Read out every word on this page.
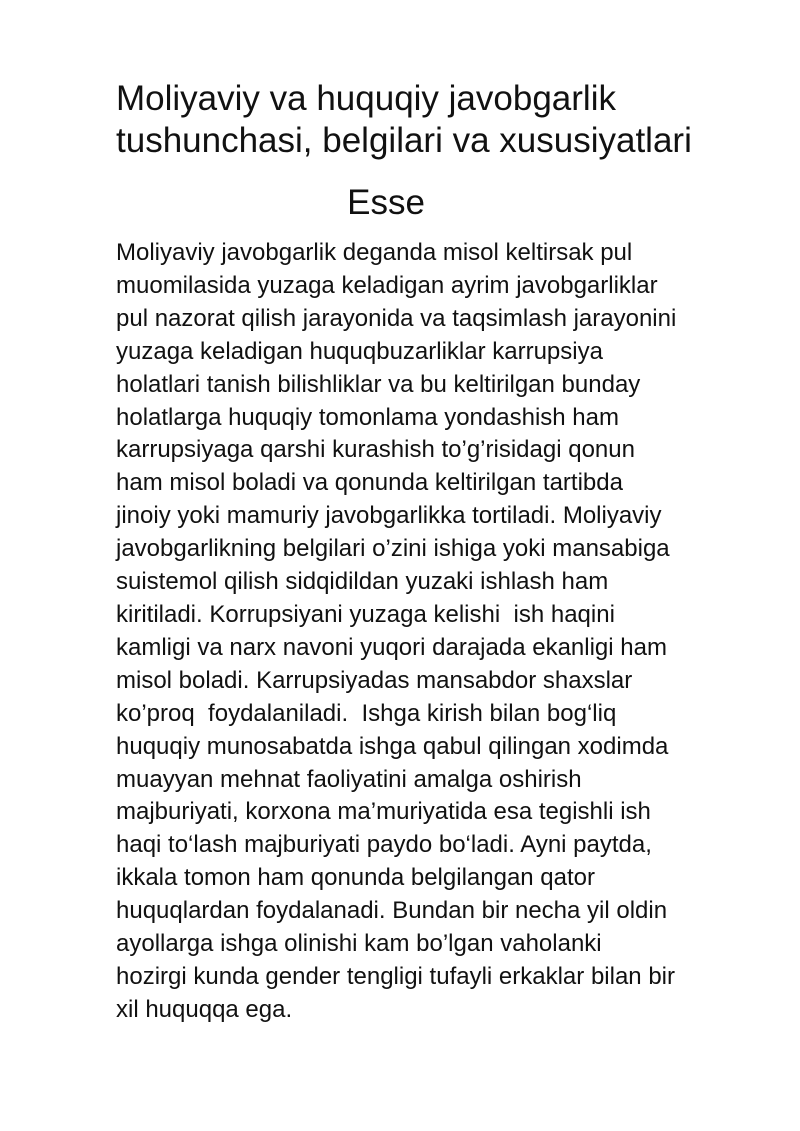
Moliyaviy va huquqiy javobgarlik
tushunchasi, belgilari va xususiyatlari
Esse
Moliyaviy javobgarlik deganda misol keltirsak pul
muomilasida yuzaga keladigan ayrim javobgarliklar
pul nazorat qilish jarayonida va taqsimlash jarayonini
yuzaga keladigan huquqbuzarliklar karrupsiya
holatlari tanish bilishliklar va bu keltirilgan bunday
holatlarga huquqiy tomonlama yondashish ham
karrupsiyaga qarshi kurashish to’g’risidagi qonun
ham misol boladi va qonunda keltirilgan tartibda
jinoiy yoki mamuriy javobgarlikka tortiladi. Moliyaviy
javobgarlikning belgilari o’zini ishiga yoki mansabiga
suistemol qilish sidqidildan yuzaki ishlash ham
kiritiladi. Korrupsiyani yuzaga kelishi  ish haqini
kamligi va narx navoni yuqori darajada ekanligi ham
misol boladi. Karrupsiyadas mansabdor shaxslar
ko’proq  foydalaniladi.  Ishga kirish bilan bog‘liq
huquqiy munosabatda ishga qabul qilingan xodimda
muayyan mehnat faoliyatini amalga oshirish
majburiyati, korxona ma’muriyatida esa tegishli ish
haqi to‘lash majburiyati paydo bo‘ladi. Ayni paytda,
ikkala tomon ham qonunda belgilangan qator
huquqlardan foydalanadi. Bundan bir necha yil oldin
ayollarga ishga olinishi kam bo’lgan vaholanki
hozirgi kunda gender tengligi tufayli erkaklar bilan bir
xil huquqqa ega.
